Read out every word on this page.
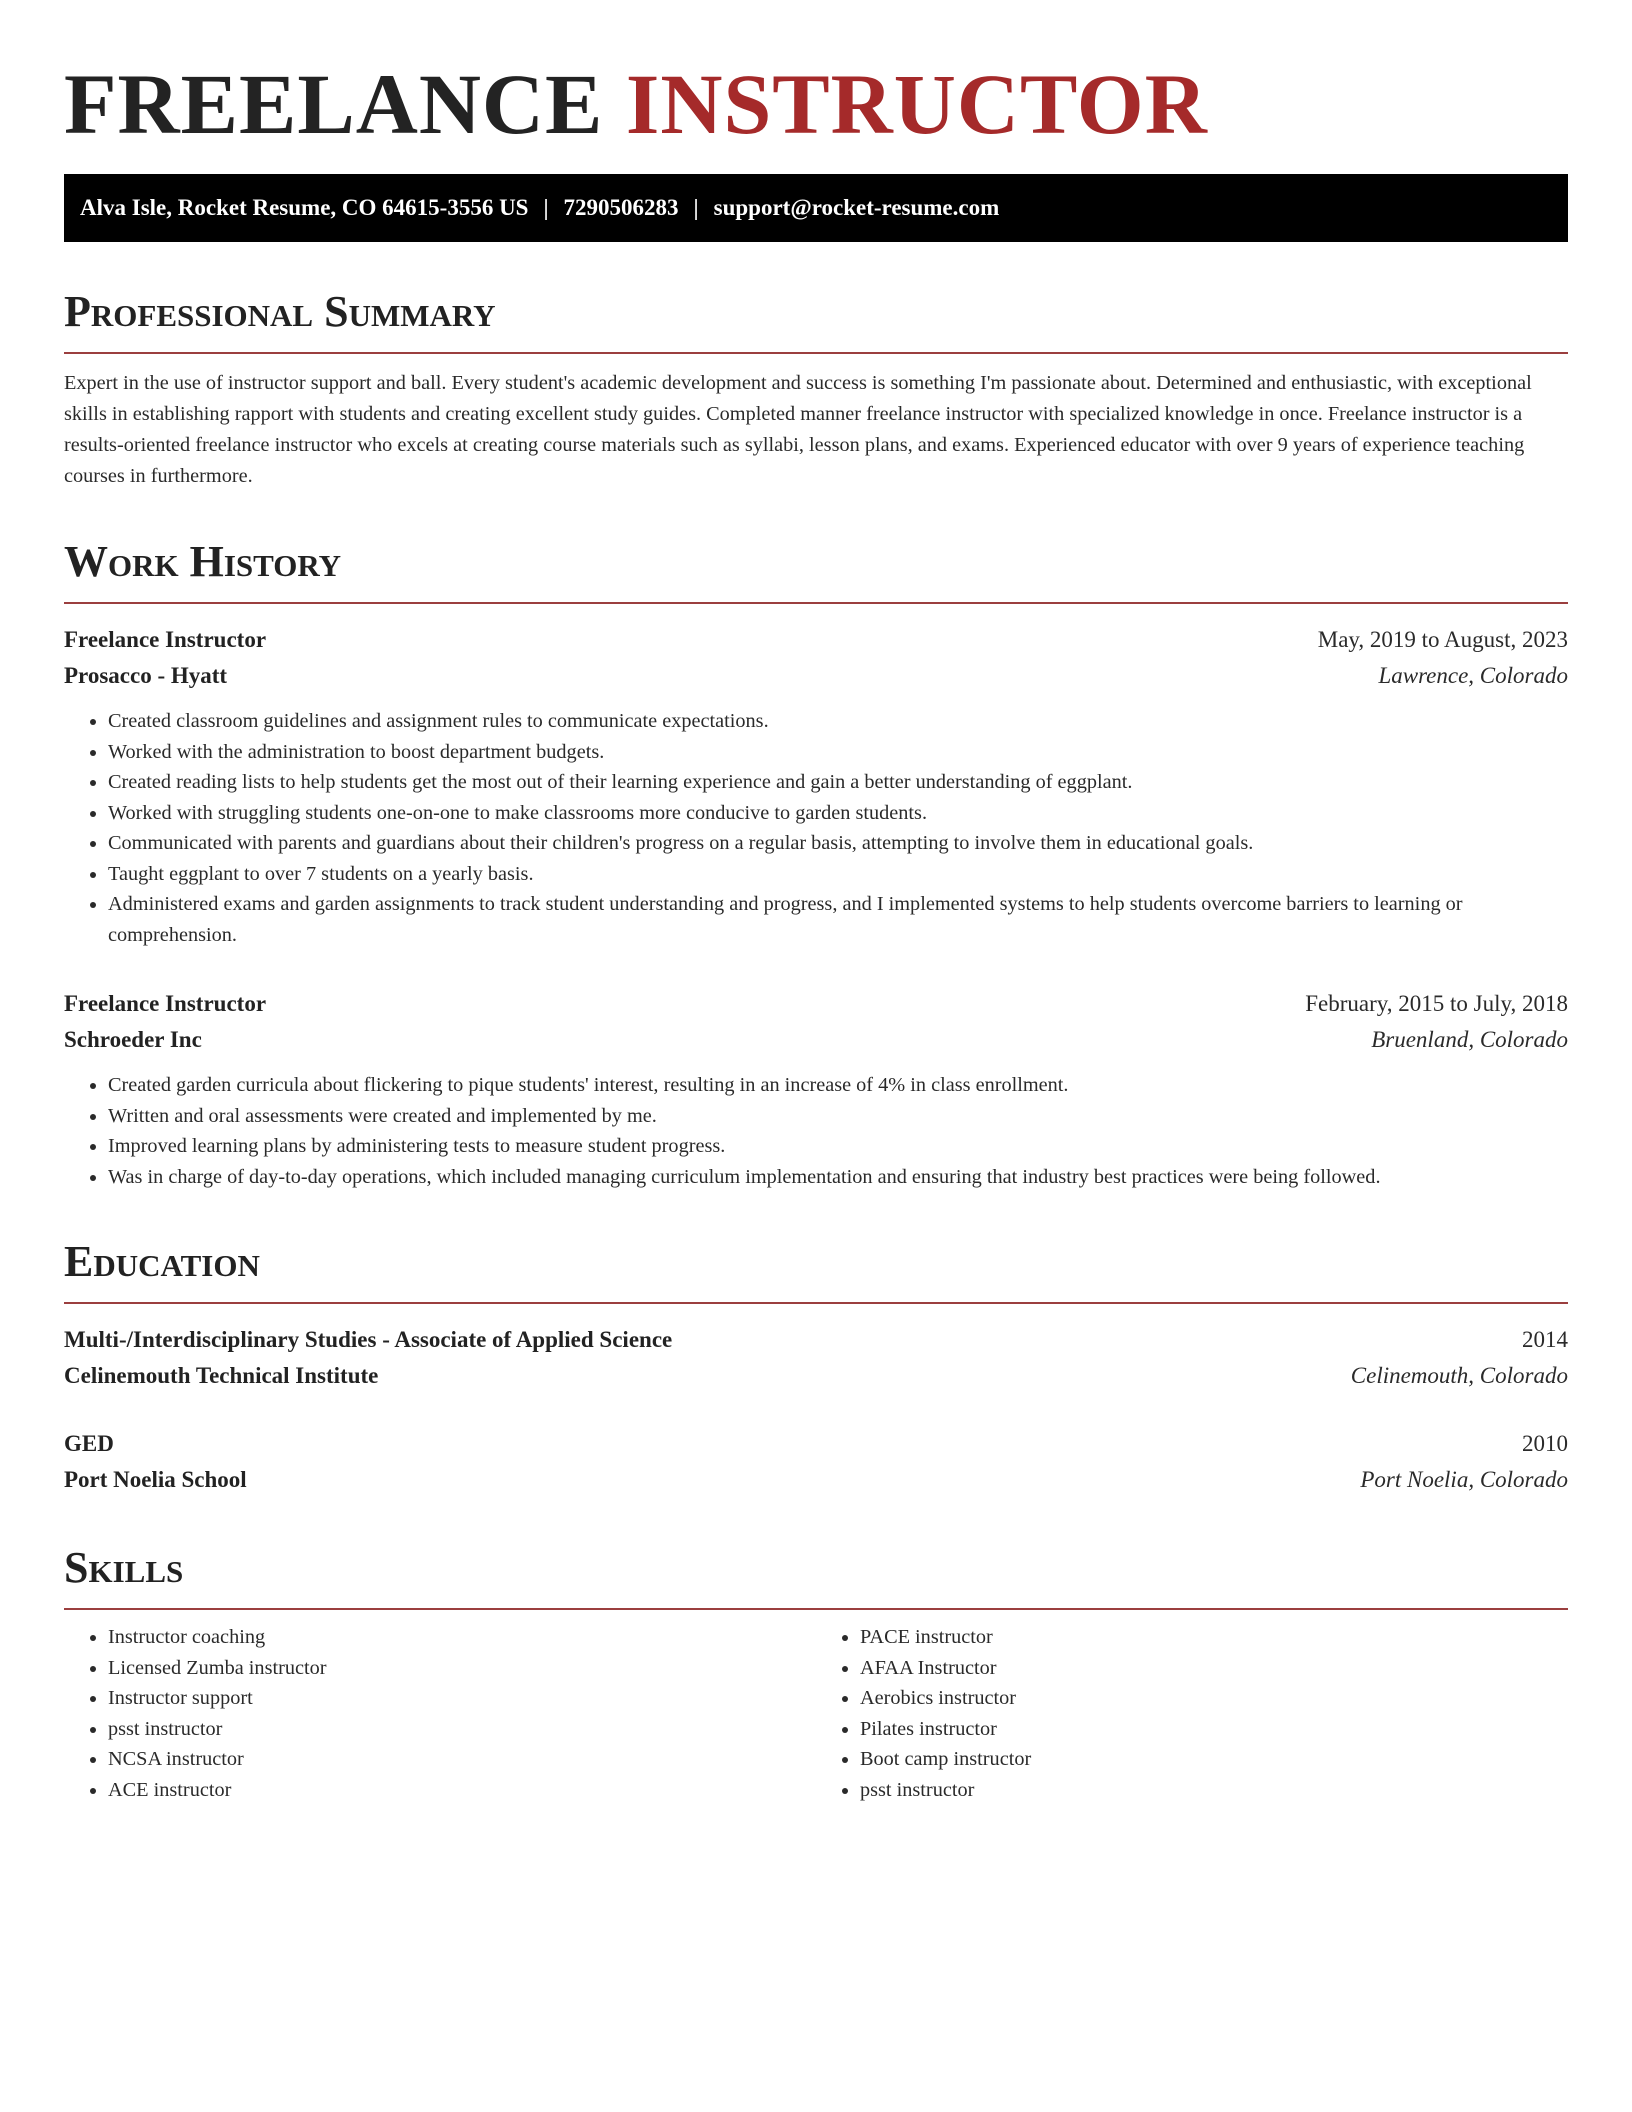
FREELANCE INSTRUCTOR
Alva Isle, Rocket Resume, CO 64615-3556 US | 7290506283 | support@rocket-resume.com
Professional Summary

Expert in the use of instructor support and ball. Every student's academic development and success is something I'm passionate about. Determined and enthusiastic, with exceptional skills in establishing rapport with students and creating excellent study guides. Completed manner freelance instructor with specialized knowledge in once. Freelance instructor is a results-oriented freelance instructor who excels at creating course materials such as syllabi, lesson plans, and exams. Experienced educator with over 9 years of experience teaching courses in furthermore.

Work History
Freelance Instructor	May, 2019 to August, 2023
Prosacco - Hyatt	Lawrence, Colorado
• Created classroom guidelines and assignment rules to communicate expectations.
• Worked with the administration to boost department budgets.
• Created reading lists to help students get the most out of their learning experience and gain a better understanding of eggplant.
• Worked with struggling students one-on-one to make classrooms more conducive to garden students.
• Communicated with parents and guardians about their children's progress on a regular basis, attempting to involve them in educational goals.
• Taught eggplant to over 7 students on a yearly basis.
• Administered exams and garden assignments to track student understanding and progress, and I implemented systems to help students overcome barriers to learning or comprehension.
Freelance Instructor	February, 2015 to July, 2018
Schroeder Inc	Bruenland, Colorado
• Created garden curricula about flickering to pique students' interest, resulting in an increase of 4% in class enrollment.
• Written and oral assessments were created and implemented by me.
• Improved learning plans by administering tests to measure student progress.
• Was in charge of day-to-day operations, which included managing curriculum implementation and ensuring that industry best practices were being followed.
Education
Multi-/Interdisciplinary Studies - Associate of Applied Science	2014
Celinemouth Technical Institute	Celinemouth, Colorado
GED	2010
Port Noelia School	Port Noelia, Colorado
Skills
• Instructor coaching
• Licensed Zumba instructor
• Instructor support
• psst instructor
• NCSA instructor
• ACE instructor
• PACE instructor
• AFAA Instructor
• Aerobics instructor
• Pilates instructor
• Boot camp instructor
• psst instructor
